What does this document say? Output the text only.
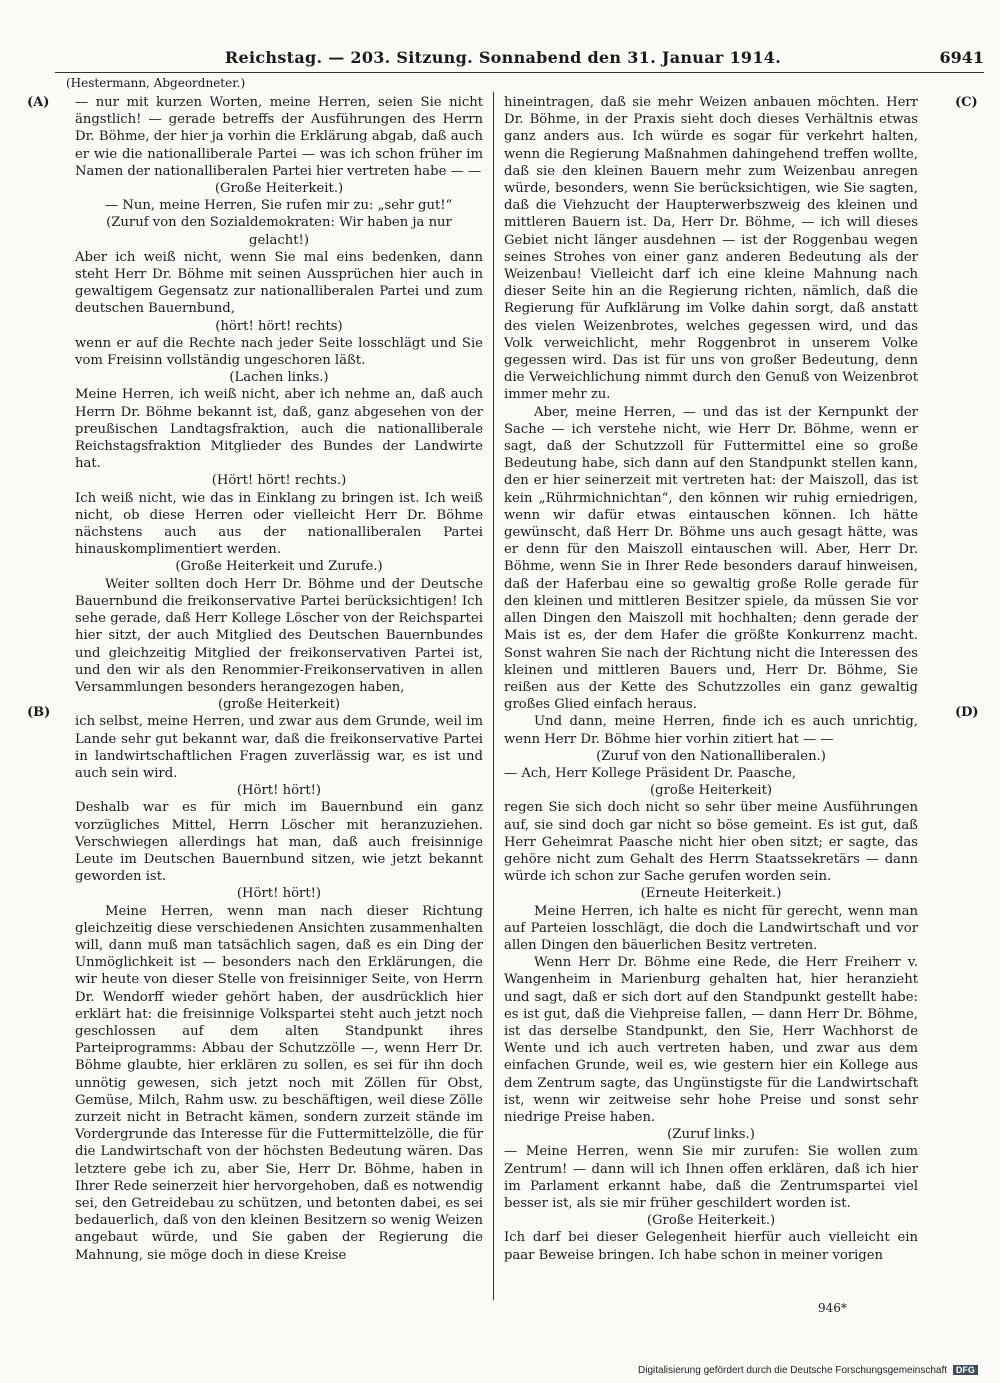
Reichstag. — 203. Sitzung. Sonnabend den 31. Januar 1914.	6941
(Hestermann, Abgeordneter.)
(A)
(B)
(C)
(D)

— nur mit kurzen Worten, meine Herren, seien Sie nicht ängstlich! — gerade betreffs der Ausführungen des Herrn Dr. Böhme, der hier ja vorhin die Erklärung abgab, daß auch er wie die nationalliberale Partei — was ich schon früher im Namen der nationalliberalen Partei hier vertreten habe — —

(Große Heiterkeit.)

— Nun, meine Herren, Sie rufen mir zu: „sehr gut!“

(Zuruf von den Sozialdemokraten: Wir haben ja nur gelacht!)

Aber ich weiß nicht, wenn Sie mal eins bedenken, dann steht Herr Dr. Böhme mit seinen Aussprüchen hier auch in gewaltigem Gegensatz zur nationalliberalen Partei und zum deutschen Bauernbund,

(hört! hört! rechts)

wenn er auf die Rechte nach jeder Seite losschlägt und Sie vom Freisinn vollständig ungeschoren läßt.

(Lachen links.)

Meine Herren, ich weiß nicht, aber ich nehme an, daß auch Herrn Dr. Böhme bekannt ist, daß, ganz abgesehen von der preußischen Landtagsfraktion, auch die nationalliberale Reichstagsfraktion Mitglieder des Bundes der Landwirte hat.

(Hört! hört! rechts.)

Ich weiß nicht, wie das in Einklang zu bringen ist. Ich weiß nicht, ob diese Herren oder vielleicht Herr Dr. Böhme nächstens auch aus der nationalliberalen Partei hinauskomplimentiert werden.

(Große Heiterkeit und Zurufe.)

Weiter sollten doch Herr Dr. Böhme und der Deutsche Bauernbund die freikonservative Partei berücksichtigen! Ich sehe gerade, daß Herr Kollege Löscher von der Reichspartei hier sitzt, der auch Mitglied des Deutschen Bauernbundes und gleichzeitig Mitglied der freikonservativen Partei ist, und den wir als den Renommier-Freikonservativen in allen Versammlungen besonders herangezogen haben,

(große Heiterkeit)

ich selbst, meine Herren, und zwar aus dem Grunde, weil im Lande sehr gut bekannt war, daß die freikonservative Partei in landwirtschaftlichen Fragen zuverlässig war, es ist und auch sein wird.

(Hört! hört!)

Deshalb war es für mich im Bauernbund ein ganz vorzügliches Mittel, Herrn Löscher mit heranzuziehen. Verschwiegen allerdings hat man, daß auch freisinnige Leute im Deutschen Bauernbund sitzen, wie jetzt bekannt geworden ist.

(Hört! hört!)

Meine Herren, wenn man nach dieser Richtung gleichzeitig diese verschiedenen Ansichten zusammenhalten will, dann muß man tatsächlich sagen, daß es ein Ding der Unmöglichkeit ist — besonders nach den Erklärungen, die wir heute von dieser Stelle von freisinniger Seite, von Herrn Dr. Wendorff wieder gehört haben, der ausdrücklich hier erklärt hat: die freisinnige Volkspartei steht auch jetzt noch geschlossen auf dem alten Standpunkt ihres Parteiprogramms: Abbau der Schutzzölle —, wenn Herr Dr. Böhme glaubte, hier erklären zu sollen, es sei für ihn doch unnötig gewesen, sich jetzt noch mit Zöllen für Obst, Gemüse, Milch, Rahm usw. zu beschäftigen, weil diese Zölle zurzeit nicht in Betracht kämen, sondern zurzeit stände im Vordergrunde das Interesse für die Futtermittelzölle, die für die Landwirtschaft von der höchsten Bedeutung wären. Das letztere gebe ich zu, aber Sie, Herr Dr. Böhme, haben in Ihrer Rede seinerzeit hier hervorgehoben, daß es notwendig sei, den Getreidebau zu schützen, und betonten dabei, es sei bedauerlich, daß von den kleinen Besitzern so wenig Weizen angebaut würde, und Sie gaben der Regierung die Mahnung, sie möge doch in diese Kreise

hineintragen, daß sie mehr Weizen anbauen möchten. Herr Dr. Böhme, in der Praxis sieht doch dieses Verhältnis etwas ganz anders aus. Ich würde es sogar für verkehrt halten, wenn die Regierung Maßnahmen dahingehend treffen wollte, daß sie den kleinen Bauern mehr zum Weizenbau anregen würde, besonders, wenn Sie berücksichtigen, wie Sie sagten, daß die Viehzucht der Haupterwerbszweig des kleinen und mittleren Bauern ist. Da, Herr Dr. Böhme, — ich will dieses Gebiet nicht länger ausdehnen — ist der Roggenbau wegen seines Strohes von einer ganz anderen Bedeutung als der Weizenbau! Vielleicht darf ich eine kleine Mahnung nach dieser Seite hin an die Regierung richten, nämlich, daß die Regierung für Aufklärung im Volke dahin sorgt, daß anstatt des vielen Weizenbrotes, welches gegessen wird, und das Volk verweichlicht, mehr Roggenbrot in unserem Volke gegessen wird. Das ist für uns von großer Bedeutung, denn die Verweichlichung nimmt durch den Genuß von Weizenbrot immer mehr zu.

Aber, meine Herren, — und das ist der Kernpunkt der Sache — ich verstehe nicht, wie Herr Dr. Böhme, wenn er sagt, daß der Schutzzoll für Futtermittel eine so große Bedeutung habe, sich dann auf den Standpunkt stellen kann, den er hier seinerzeit mit vertreten hat: der Maiszoll, das ist kein „Rührmichnichtan“, den können wir ruhig erniedrigen, wenn wir dafür etwas eintauschen können. Ich hätte gewünscht, daß Herr Dr. Böhme uns auch gesagt hätte, was er denn für den Maiszoll eintauschen will. Aber, Herr Dr. Böhme, wenn Sie in Ihrer Rede besonders darauf hinweisen, daß der Haferbau eine so gewaltig große Rolle gerade für den kleinen und mittleren Besitzer spiele, da müssen Sie vor allen Dingen den Maiszoll mit hochhalten; denn gerade der Mais ist es, der dem Hafer die größte Konkurrenz macht. Sonst wahren Sie nach der Richtung nicht die Interessen des kleinen und mittleren Bauers und, Herr Dr. Böhme, Sie reißen aus der Kette des Schutzzolles ein ganz gewaltig großes Glied einfach heraus.

Und dann, meine Herren, finde ich es auch unrichtig, wenn Herr Dr. Böhme hier vorhin zitiert hat — —

(Zuruf von den Nationalliberalen.)

— Ach, Herr Kollege Präsident Dr. Paasche,

(große Heiterkeit)

regen Sie sich doch nicht so sehr über meine Ausführungen auf, sie sind doch gar nicht so böse gemeint. Es ist gut, daß Herr Geheimrat Paasche nicht hier oben sitzt; er sagte, das gehöre nicht zum Gehalt des Herrn Staatssekretärs — dann würde ich schon zur Sache gerufen worden sein.

(Erneute Heiterkeit.)

Meine Herren, ich halte es nicht für gerecht, wenn man auf Parteien losschlägt, die doch die Landwirtschaft und vor allen Dingen den bäuerlichen Besitz vertreten.

Wenn Herr Dr. Böhme eine Rede, die Herr Freiherr v. Wangenheim in Marienburg gehalten hat, hier heranzieht und sagt, daß er sich dort auf den Standpunkt gestellt habe: es ist gut, daß die Viehpreise fallen, — dann Herr Dr. Böhme, ist das derselbe Standpunkt, den Sie, Herr Wachhorst de Wente und ich auch vertreten haben, und zwar aus dem einfachen Grunde, weil es, wie gestern hier ein Kollege aus dem Zentrum sagte, das Ungünstigste für die Landwirtschaft ist, wenn wir zeitweise sehr hohe Preise und sonst sehr niedrige Preise haben.

(Zuruf links.)

— Meine Herren, wenn Sie mir zurufen: Sie wollen zum Zentrum! — dann will ich Ihnen offen erklären, daß ich hier im Parlament erkannt habe, daß die Zentrumspartei viel besser ist, als sie mir früher geschildert worden ist.

(Große Heiterkeit.)

Ich darf bei dieser Gelegenheit hierfür auch vielleicht ein paar Beweise bringen. Ich habe schon in meiner vorigen

946*
Digitalisierung gefördert durch die Deutsche Forschungsgemeinschaft DFG
